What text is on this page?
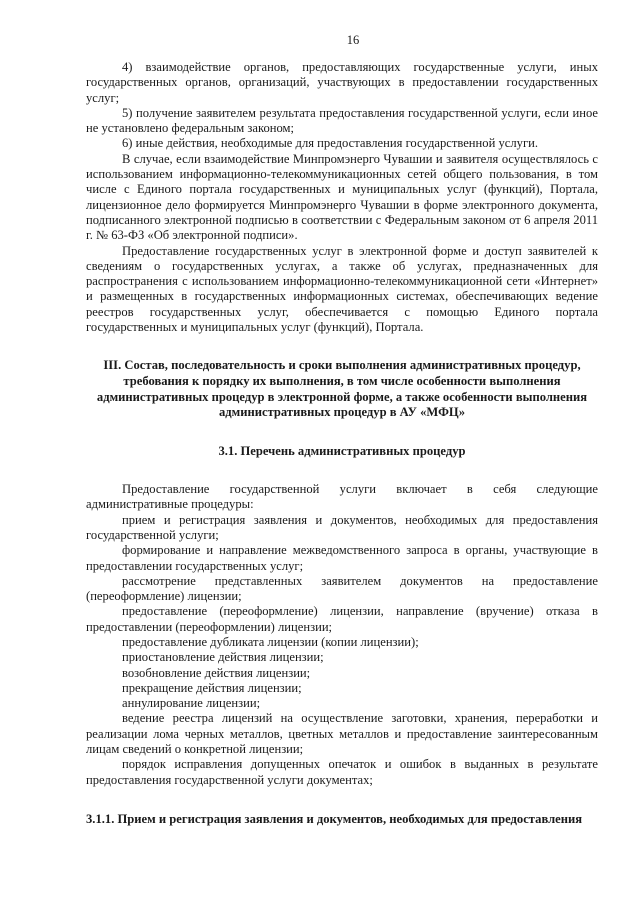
16

4) взаимодействие органов, предоставляющих государственные услуги, иных государственных органов, организаций, участвующих в предоставлении государственных услуг;

5) получение заявителем результата предоставления государственной услуги, если иное не установлено федеральным законом;

6) иные действия, необходимые для предоставления государственной услуги.

В случае, если взаимодействие Минпромэнерго Чувашии и заявителя осуществлялось с использованием информационно-телекоммуникационных сетей общего пользования, в том числе с Единого портала государственных и муниципальных услуг (функций), Портала, лицензионное дело формируется Минпромэнерго Чувашии в форме электронного документа, подписанного электронной подписью в соответствии с Федеральным законом от 6 апреля 2011 г. № 63-ФЗ «Об электронной подписи».

Предоставление государственных услуг в электронной форме и доступ заявителей к сведениям о государственных услугах, а также об услугах, предназначенных для распространения с использованием информационно-телекоммуникационной сети «Интернет» и размещенных в государственных информационных системах, обеспечивающих ведение реестров государственных услуг, обеспечивается с помощью Единого портала государственных и муниципальных услуг (функций), Портала.

III. Состав, последовательность и сроки выполнения административных процедур, требования к порядку их выполнения, в том числе особенности выполнения административных процедур в электронной форме, а также особенности выполнения административных процедур в АУ «МФЦ»

3.1. Перечень административных процедур

Предоставление государственной услуги включает в себя следующие административные процедуры:

прием и регистрация заявления и документов, необходимых для предоставления государственной услуги;

формирование и направление межведомственного запроса в органы, участвующие в предоставлении государственных услуг;

рассмотрение представленных заявителем документов на предоставление (переоформление) лицензии;

предоставление (переоформление) лицензии, направление (вручение) отказа в предоставлении (переоформлении) лицензии;

предоставление дубликата лицензии (копии лицензии);

приостановление действия лицензии;

возобновление действия лицензии;

прекращение действия лицензии;

аннулирование лицензии;

ведение реестра лицензий на осуществление заготовки, хранения, переработки и реализации лома черных металлов, цветных металлов и предоставление заинтересованным лицам сведений о конкретной лицензии;

порядок исправления допущенных опечаток и ошибок в выданных в результате предоставления государственной услуги документах;

3.1.1. Прием и регистрация заявления и документов, необходимых для предоставления
